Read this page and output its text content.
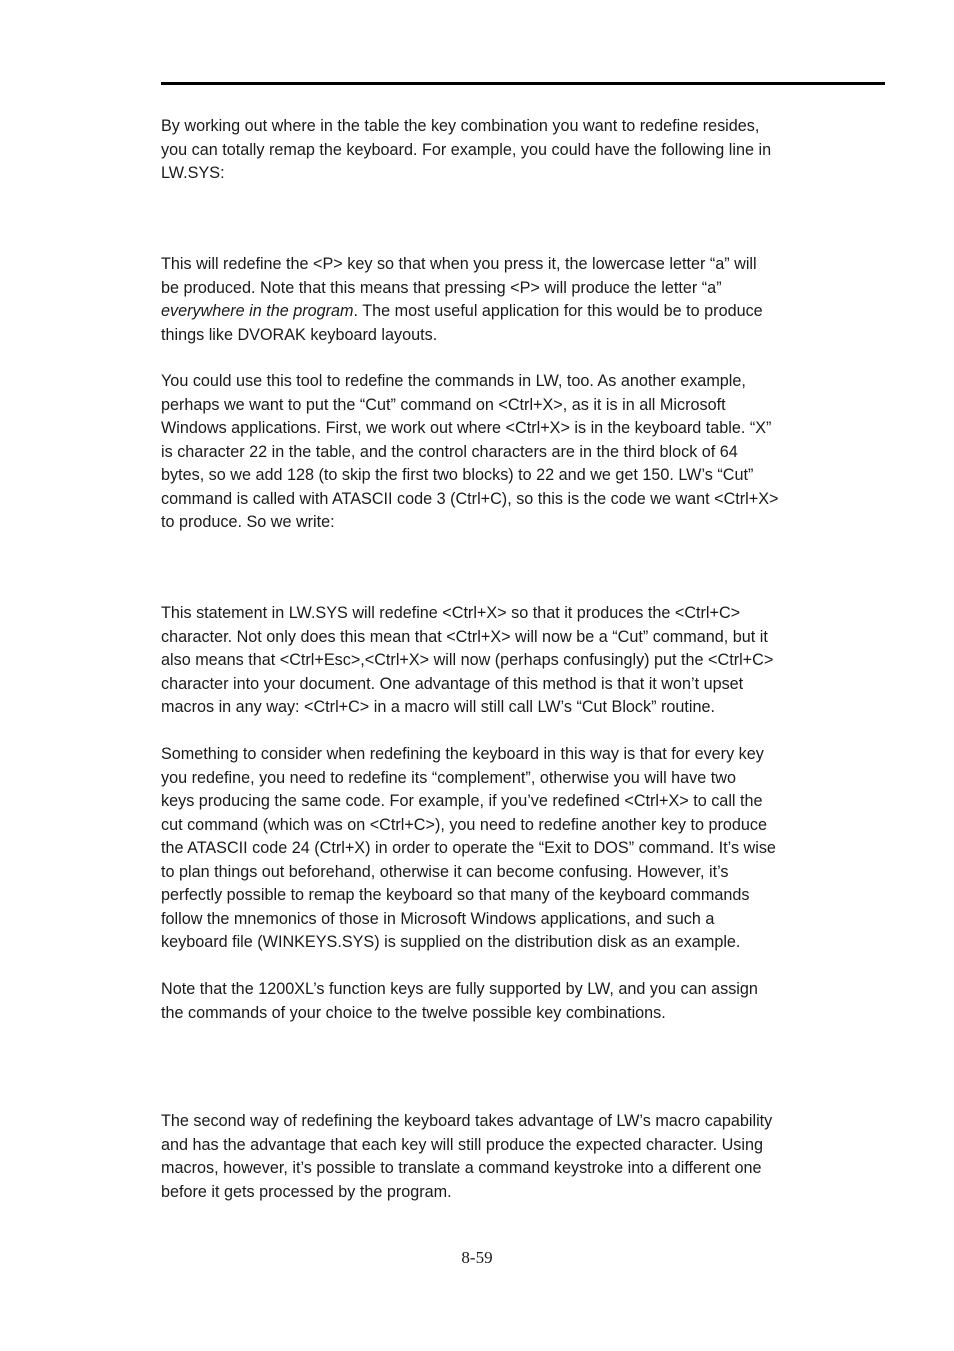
By working out where in the table the key combination you want to redefine resides,
you can totally remap the keyboard. For example, you could have the following line in
LW.SYS:

This will redefine the <P> key so that when you press it, the lowercase letter “a” will
be produced. Note that this means that pressing <P> will produce the letter “a”
everywhere in the program. The most useful application for this would be to produce
things like DVORAK keyboard layouts.

You could use this tool to redefine the commands in LW, too. As another example,
perhaps we want to put the “Cut” command on <Ctrl+X>, as it is in all Microsoft
Windows applications. First, we work out where <Ctrl+X> is in the keyboard table. “X”
is character 22 in the table, and the control characters are in the third block of 64
bytes, so we add 128 (to skip the first two blocks) to 22 and we get 150. LW’s “Cut”
command is called with ATASCII code 3 (Ctrl+C), so this is the code we want <Ctrl+X>
to produce. So we write:

This statement in LW.SYS will redefine <Ctrl+X> so that it produces the <Ctrl+C>
character. Not only does this mean that <Ctrl+X> will now be a “Cut” command, but it
also means that <Ctrl+Esc>,<Ctrl+X> will now (perhaps confusingly) put the <Ctrl+C>
character into your document. One advantage of this method is that it won’t upset
macros in any way: <Ctrl+C> in a macro will still call LW’s “Cut Block” routine.

Something to consider when redefining the keyboard in this way is that for every key
you redefine, you need to redefine its “complement”, otherwise you will have two
keys producing the same code. For example, if you’ve redefined <Ctrl+X> to call the
cut command (which was on <Ctrl+C>), you need to redefine another key to produce
the ATASCII code 24 (Ctrl+X) in order to operate the “Exit to DOS” command. It’s wise
to plan things out beforehand, otherwise it can become confusing. However, it’s
perfectly possible to remap the keyboard so that many of the keyboard commands
follow the mnemonics of those in Microsoft Windows applications, and such a
keyboard file (WINKEYS.SYS) is supplied on the distribution disk as an example.

Note that the 1200XL’s function keys are fully supported by LW, and you can assign
the commands of your choice to the twelve possible key combinations.

The second way of redefining the keyboard takes advantage of LW’s macro capability
and has the advantage that each key will still produce the expected character. Using
macros, however, it’s possible to translate a command keystroke into a different one
before it gets processed by the program.

8-59
